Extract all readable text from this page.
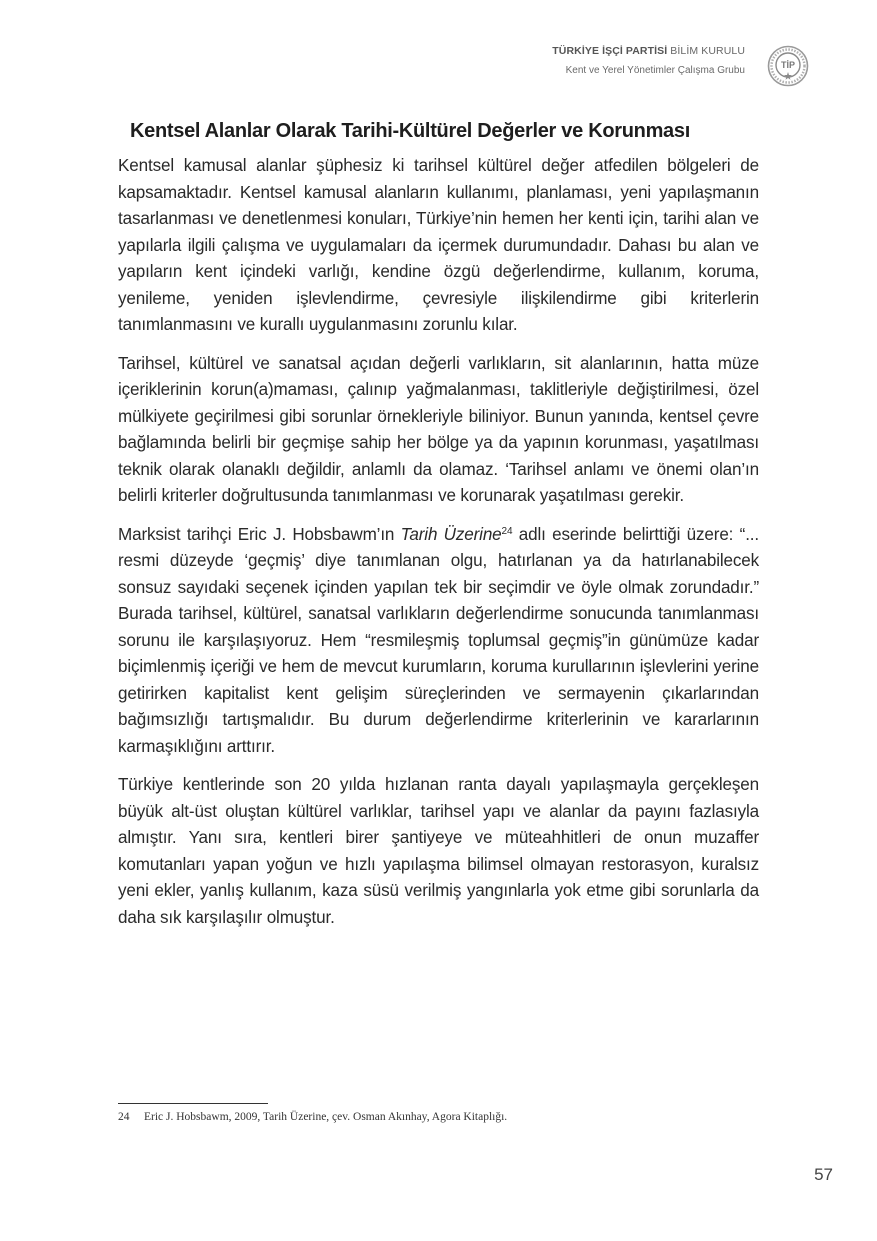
TÜRKİYE İŞÇİ PARTİSİ BİLİM KURULU
Kent ve Yerel Yönetimler Çalışma Grubu	TİP
Kentsel Alanlar Olarak Tarihi-Kültürel Değerler ve Korunması

Kentsel kamusal alanlar şüphesiz ki tarihsel kültürel değer atfedilen bölgeleri de kapsamaktadır. Kentsel kamusal alanların kullanımı, planlaması, yeni yapılaşmanın tasarlanması ve denetlenmesi konuları, Türkiye’nin hemen her kenti için, tarihi alan ve yapılarla ilgili çalışma ve uygulamaları da içermek durumundadır. Dahası bu alan ve yapıların kent içindeki varlığı, kendine özgü değerlendirme, kullanım, koruma, yenileme, yeniden işlevlendirme, çevresiyle ilişkilendirme gibi kriterlerin tanımlanmasını ve kurallı uygulanmasını zorunlu kılar.

Tarihsel, kültürel ve sanatsal açıdan değerli varlıkların, sit alanlarının, hatta müze içeriklerinin korun(a)maması, çalınıp yağmalanması, taklitleriyle değiştirilmesi, özel mülkiyete geçirilmesi gibi sorunlar örnekleriyle biliniyor. Bunun yanında, kentsel çevre bağlamında belirli bir geçmişe sahip her bölge ya da yapının korunması, yaşatılması teknik olarak olanaklı değildir, anlamlı da olamaz. ‘Tarihsel anlamı ve önemi olan’ın belirli kriterler doğrultusunda tanımlanması ve korunarak yaşatılması gerekir.

Marksist tarihçi Eric J. Hobsbawm’ın Tarih Üzerine$^{24}$ adlı eserinde belirttiği üzere: “... resmi düzeyde ‘geçmiş’ diye tanımlanan olgu, hatırlanan ya da hatırlanabilecek sonsuz sayıdaki seçenek içinden yapılan tek bir seçimdir ve öyle olmak zorundadır.” Burada tarihsel, kültürel, sanatsal varlıkların değerlendirme sonucunda tanımlanması sorunu ile karşılaşıyoruz. Hem “resmileşmiş toplumsal geçmiş”in günümüze kadar biçimlenmiş içeriği ve hem de mevcut kurumların, koruma kurullarının işlevlerini yerine getirirken kapitalist kent gelişim süreçlerinden ve sermayenin çıkarlarından bağımsızlığı tartışmalıdır. Bu durum değerlendirme kriterlerinin ve kararlarının karmaşıklığını arttırır.

Türkiye kentlerinde son 20 yılda hızlanan ranta dayalı yapılaşmayla gerçekleşen büyük alt-üst oluştan kültürel varlıklar, tarihsel yapı ve alanlar da payını fazlasıyla almıştır. Yanı sıra, kentleri birer şantiyeye ve müteahhitleri de onun muzaffer komutanları yapan yoğun ve hızlı yapılaşma bilimsel olmayan restorasyon, kuralsız yeni ekler, yanlış kullanım, kaza süsü verilmiş yangınlarla yok etme gibi sorunlarla da daha sık karşılaşılır olmuştur.

24 Eric J. Hobsbawm, 2009, Tarih Üzerine, çev. Osman Akınhay, Agora Kitaplığı.
57
